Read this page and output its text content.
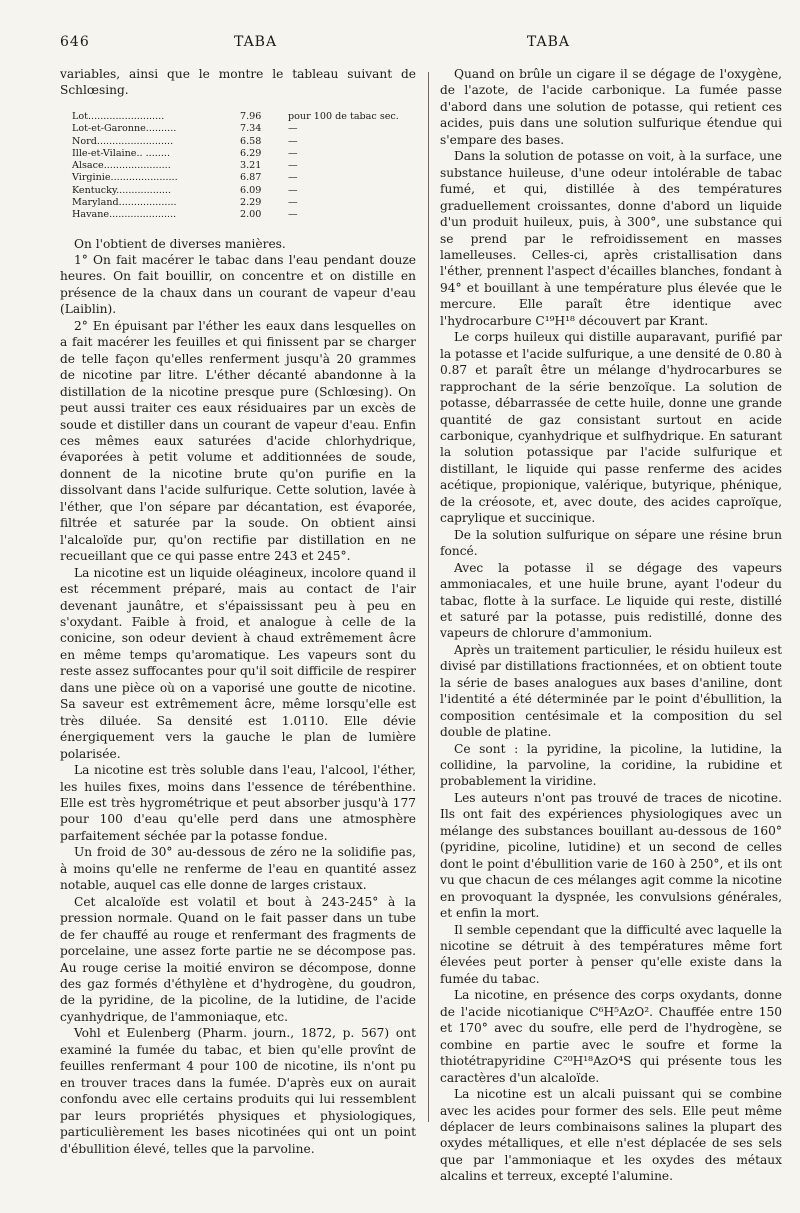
646	TABA	TABA

variables, ainsi que le montre le tableau suivant de Schlœsing.

Lot.........................	7.96	pour 100 de tabac sec.
Lot-et-Garonne..........	7.34	—
Nord.........................	6.58	—
Ille-et-Vilaine.. ........	6.29	—
Alsace......................	3.21	—
Virginie......................	6.87	—
Kentucky..................	6.09	—
Maryland...................	2.29	—
Havane......................	2.00	—

On l'obtient de diverses manières.

1° On fait macérer le tabac dans l'eau pendant douze heures. On fait bouillir, on concentre et on distille en présence de la chaux dans un courant de vapeur d'eau (Laiblin).

2° En épuisant par l'éther les eaux dans lesquelles on a fait macérer les feuilles et qui finissent par se charger de telle façon qu'elles renferment jusqu'à 20 grammes de nicotine par litre. L'éther décanté abandonne à la distillation de la nicotine presque pure (Schlœsing). On peut aussi traiter ces eaux résiduaires par un excès de soude et distiller dans un courant de vapeur d'eau. Enfin ces mêmes eaux saturées d'acide chlorhydrique, évaporées à petit volume et additionnées de soude, donnent de la nicotine brute qu'on purifie en la dissolvant dans l'acide sulfurique. Cette solution, lavée à l'éther, que l'on sépare par décantation, est évaporée, filtrée et saturée par la soude. On obtient ainsi l'alcaloïde pur, qu'on rectifie par distillation en ne recueillant que ce qui passe entre 243 et 245°.

La nicotine est un liquide oléagineux, incolore quand il est récemment préparé, mais au contact de l'air devenant jaunâtre, et s'épaississant peu à peu en s'oxydant. Faible à froid, et analogue à celle de la conicine, son odeur devient à chaud extrêmement âcre en même temps qu'aromatique. Les vapeurs sont du reste assez suffocantes pour qu'il soit difficile de respirer dans une pièce où on a vaporisé une goutte de nicotine. Sa saveur est extrêmement âcre, même lorsqu'elle est très diluée. Sa densité est 1.0110. Elle dévie énergiquement vers la gauche le plan de lumière polarisée.

La nicotine est très soluble dans l'eau, l'alcool, l'éther, les huiles fixes, moins dans l'essence de térébenthine. Elle est très hygrométrique et peut absorber jusqu'à 177 pour 100 d'eau qu'elle perd dans une atmosphère parfaitement séchée par la potasse fondue.

Un froid de 30° au-dessous de zéro ne la solidifie pas, à moins qu'elle ne renferme de l'eau en quantité assez notable, auquel cas elle donne de larges cristaux.

Cet alcaloïde est volatil et bout à 243-245° à la pression normale. Quand on le fait passer dans un tube de fer chauffé au rouge et renfermant des fragments de porcelaine, une assez forte partie ne se décompose pas. Au rouge cerise la moitié environ se décompose, donne des gaz formés d'éthylène et d'hydrogène, du goudron, de la pyridine, de la picoline, de la lutidine, de l'acide cyanhydrique, de l'ammoniaque, etc.

Vohl et Eulenberg (Pharm. journ., 1872, p. 567) ont examiné la fumée du tabac, et bien qu'elle provînt de feuilles renfermant 4 pour 100 de nicotine, ils n'ont pu en trouver traces dans la fumée. D'après eux on aurait confondu avec elle certains produits qui lui ressemblent par leurs propriétés physiques et physiologiques, particulièrement les bases nicotinées qui ont un point d'ébullition élevé, telles que la parvoline.

Quand on brûle un cigare il se dégage de l'oxygène, de l'azote, de l'acide carbonique. La fumée passe d'abord dans une solution de potasse, qui retient ces acides, puis dans une solution sulfurique étendue qui s'empare des bases.

Dans la solution de potasse on voit, à la surface, une substance huileuse, d'une odeur intolérable de tabac fumé, et qui, distillée à des températures graduellement croissantes, donne d'abord un liquide d'un produit huileux, puis, à 300°, une substance qui se prend par le refroidissement en masses lamelleuses. Celles-ci, après cristallisation dans l'éther, prennent l'aspect d'écailles blanches, fondant à 94° et bouillant à une température plus élevée que le mercure. Elle paraît être identique avec l'hydrocarbure C¹⁹H¹⁸ découvert par Krant.

Le corps huileux qui distille auparavant, purifié par la potasse et l'acide sulfurique, a une densité de 0.80 à 0.87 et paraît être un mélange d'hydrocarbures se rapprochant de la série benzoïque. La solution de potasse, débarrassée de cette huile, donne une grande quantité de gaz consistant surtout en acide carbonique, cyanhydrique et sulfhydrique. En saturant la solution potassique par l'acide sulfurique et distillant, le liquide qui passe renferme des acides acétique, propionique, valérique, butyrique, phénique, de la créosote, et, avec doute, des acides caproïque, caprylique et succinique.

De la solution sulfurique on sépare une résine brun foncé.

Avec la potasse il se dégage des vapeurs ammoniacales, et une huile brune, ayant l'odeur du tabac, flotte à la surface. Le liquide qui reste, distillé et saturé par la potasse, puis redistillé, donne des vapeurs de chlorure d'ammonium.

Après un traitement particulier, le résidu huileux est divisé par distillations fractionnées, et on obtient toute la série de bases analogues aux bases d'aniline, dont l'identité a été déterminée par le point d'ébullition, la composition centésimale et la composition du sel double de platine.

Ce sont : la pyridine, la picoline, la lutidine, la collidine, la parvoline, la coridine, la rubidine et probablement la viridine.

Les auteurs n'ont pas trouvé de traces de nicotine. Ils ont fait des expériences physiologiques avec un mélange des substances bouillant au-dessous de 160° (pyridine, picoline, lutidine) et un second de celles dont le point d'ébullition varie de 160 à 250°, et ils ont vu que chacun de ces mélanges agit comme la nicotine en provoquant la dyspnée, les convulsions générales, et enfin la mort.

Il semble cependant que la difficulté avec laquelle la nicotine se détruit à des températures même fort élevées peut porter à penser qu'elle existe dans la fumée du tabac.

La nicotine, en présence des corps oxydants, donne de l'acide nicotianique C⁶H⁵AzO². Chauffée entre 150 et 170° avec du soufre, elle perd de l'hydrogène, se combine en partie avec le soufre et forme la thiotétrapyridine C²⁰H¹⁸AzO⁴S qui présente tous les caractères d'un alcaloïde.

La nicotine est un alcali puissant qui se combine avec les acides pour former des sels. Elle peut même déplacer de leurs combinaisons salines la plupart des oxydes métalliques, et elle n'est déplacée de ses sels que par l'ammoniaque et les oxydes des métaux alcalins et terreux, excepté l'alumine.
